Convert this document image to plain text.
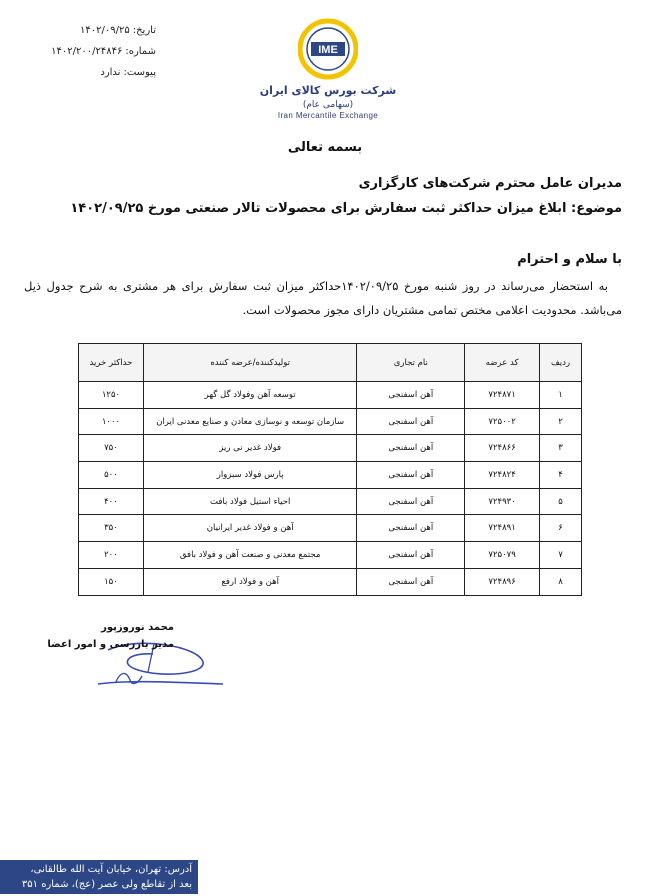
تاریخ:
۱۴۰۲/۰۹/۲۵
شماره:
۱۴۰۲/۲۰۰/۲۴۸۴۶
پیوست:
ندارد
IME
شرکت بورس کالای ایران (سهامی عام)
Iran Mercantile Exchange
بسمه تعالی
مدیران عامل محترم شرکت‌های کارگزاری
موضوع: ابلاغ میزان حداکثر ثبت سفارش برای محصولات تالار صنعتی مورخ ۱۴۰۲/۰۹/۲۵
با سلام و احترام

به استحضار می‌رساند در روز شنبه مورخ ۱۴۰۲/۰۹/۲۵حداکثر میزان ثبت سفارش برای هر مشتری به شرح جدول ذیل می‌باشد. محدودیت اعلامی مختص تمامی مشتریان دارای مجوز محصولات است.

ردیف	کد عرضه	نام تجاری	تولیدکننده/عرضه کننده	حداکثر خرید
۱	۷۲۴۸۷۱	آهن اسفنجی	توسعه آهن وفولاد گل گهر	۱۲۵۰
۲	۷۲۵۰۰۲	آهن اسفنجی	سازمان توسعه و نوسازی معادن و صنایع معدنی ایران	۱۰۰۰
۳	۷۲۴۸۶۶	آهن اسفنجی	فولاد غدیر نی ریز	۷۵۰
۴	۷۲۴۸۲۴	آهن اسفنجی	پارس فولاد سبزوار	۵۰۰
۵	۷۲۴۹۳۰	آهن اسفنجی	احیاء استیل فولاد بافت	۴۰۰
۶	۷۲۴۸۹۱	آهن اسفنجی	آهن و فولاد غدیر ایرانیان	۳۵۰
۷	۷۲۵۰۷۹	آهن اسفنجی	مجتمع معدنی و صنعت آهن و فولاد بافق	۲۰۰
۸	۷۲۴۸۹۶	آهن اسفنجی	آهن و فولاد ارفع	۱۵۰
محمد نوروزپور
مدیر بازرسی و امور اعضا
آدرس: تهران، خیابان آیت الله طالقانی،
بعد از تقاطع ولی عصر (عج)، شماره ۳۵۱
